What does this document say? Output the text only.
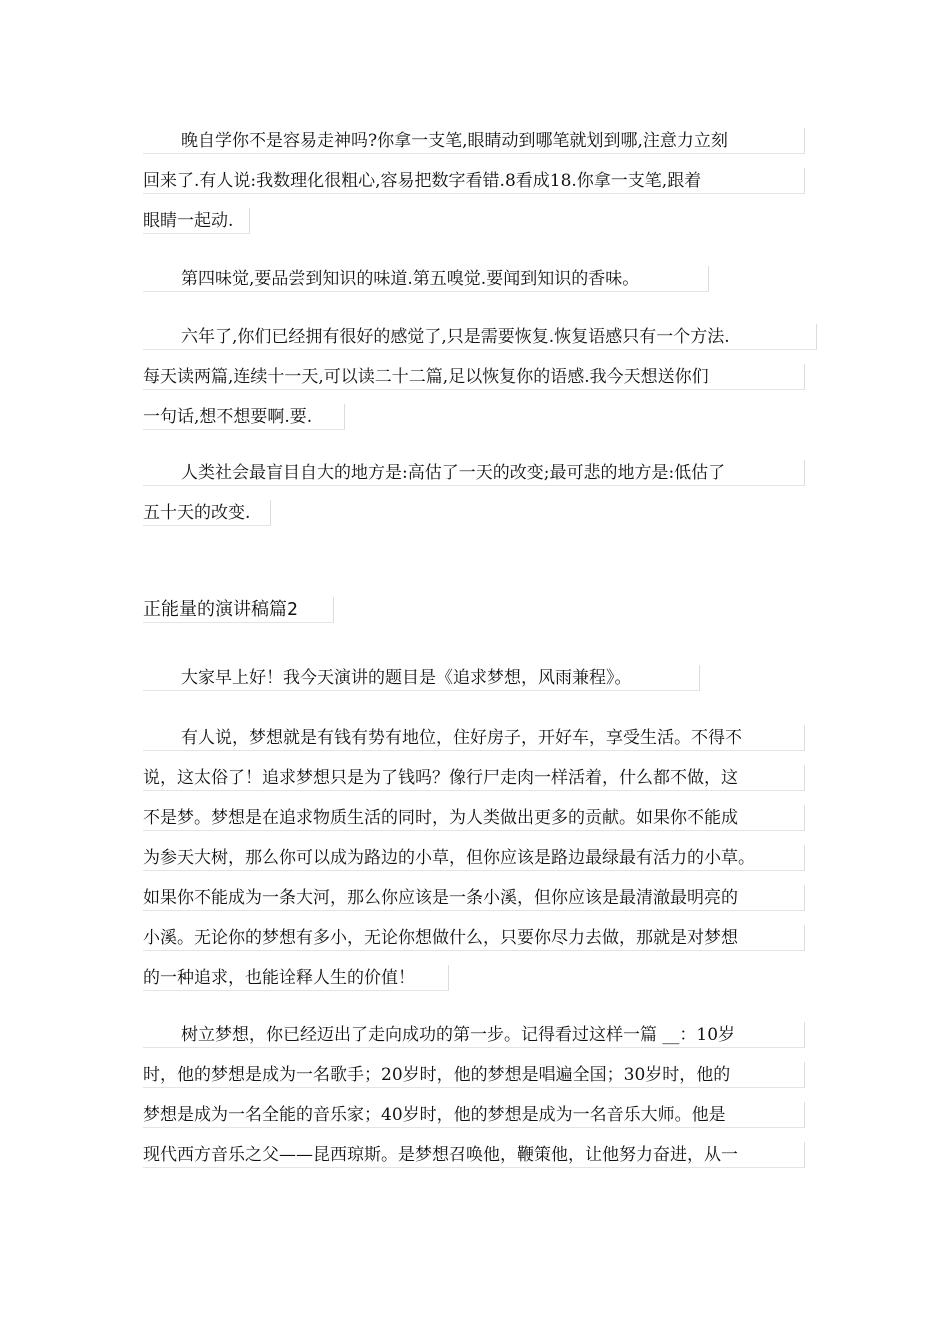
晚自学你不是容易走神吗?你拿一支笔,眼睛动到哪笔就划到哪,注意力立刻
回来了.有人说:我数理化很粗心,容易把数字看错.8看成18.你拿一支笔,跟着
眼睛一起动.
第四味觉,要品尝到知识的味道.第五嗅觉.要闻到知识的香味。
六年了,你们已经拥有很好的感觉了,只是需要恢复.恢复语感只有一个方法.
每天读两篇,连续十一天,可以读二十二篇,足以恢复你的语感.我今天想送你们
一句话,想不想要啊.要.
人类社会最盲目自大的地方是:高估了一天的改变;最可悲的地方是:低估了
五十天的改变.
正能量的演讲稿篇2
大家早上好！我今天演讲的题目是《追求梦想，风雨兼程》。
有人说，梦想就是有钱有势有地位，住好房子，开好车，享受生活。不得不
说，这太俗了！追求梦想只是为了钱吗？像行尸走肉一样活着，什么都不做，这
不是梦。梦想是在追求物质生活的同时，为人类做出更多的贡献。如果你不能成
为参天大树，那么你可以成为路边的小草，但你应该是路边最绿最有活力的小草。
如果你不能成为一条大河，那么你应该是一条小溪，但你应该是最清澈最明亮的
小溪。无论你的梦想有多小，无论你想做什么，只要你尽力去做，那就是对梦想
的一种追求，也能诠释人生的价值！
树立梦想，你已经迈出了走向成功的第一步。记得看过这样一篇 __：10岁
时，他的梦想是成为一名歌手；20岁时，他的梦想是唱遍全国；30岁时，他的
梦想是成为一名全能的音乐家；40岁时，他的梦想是成为一名音乐大师。他是
现代西方音乐之父——昆西琼斯。是梦想召唤他，鞭策他，让他努力奋进，从一
